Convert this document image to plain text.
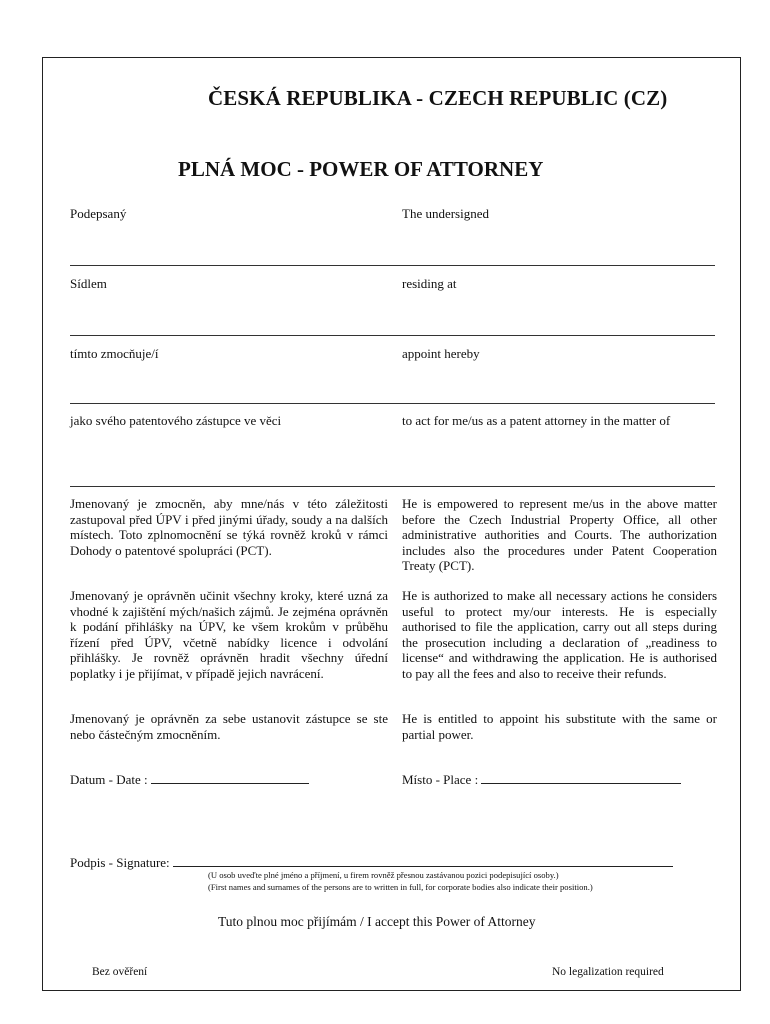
ČESKÁ REPUBLIKA - CZECH REPUBLIC (CZ)
PLNÁ MOC - POWER OF ATTORNEY
Podepsaný	The undersigned
Sídlem	residing at
tímto zmocňuje/í	appoint hereby
jako svého patentového zástupce ve věci	to act for me/us as a patent attorney in the matter of
Jmenovaný je zmocněn, aby mne/nás v této záležitosti zastupoval před ÚPV i před jinými úřady, soudy a na dalších místech. Toto zplnomocnění se týká rovněž kroků v rámci Dohody o patentové spolupráci (PCT).
He is empowered to represent me/us in the above matter before the Czech Industrial Property Office, all other administrative authorities and Courts. The authorization includes also the procedures under Patent Cooperation Treaty (PCT).
Jmenovaný je oprávněn učinit všechny kroky, které uzná za vhodné k zajištění mých/našich zájmů. Je zejména oprávněn k podání přihlášky na ÚPV, ke všem krokům v průběhu řízení před ÚPV, včetně nabídky licence i odvolání přihlášky. Je rovněž oprávněn hradit všechny úřední poplatky i je přijímat, v případě jejich navrácení.
He is authorized to make all necessary actions he considers useful to protect my/our interests. He is especially authorised to file the application, carry out all steps during the prosecution including a declaration of „readiness to license“ and withdrawing the application. He is authorised to pay all the fees and also to receive their refunds.
Jmenovaný je oprávněn za sebe ustanovit zástupce se ste nebo částečným zmocněním.
He is entitled to appoint his substitute with the same or partial power.
Datum - Date :	Místo - Place :
Podpis - Signature:
(U osob uveďte plné jméno a příjmení, u firem rovněž přesnou zastávanou pozici podepisující osoby.)
(First names and surnames of the persons are to written in full, for corporate bodies also indicate their position.)
Tuto plnou moc přijímám / I accept this Power of Attorney
Bez ověření	No legalization required
